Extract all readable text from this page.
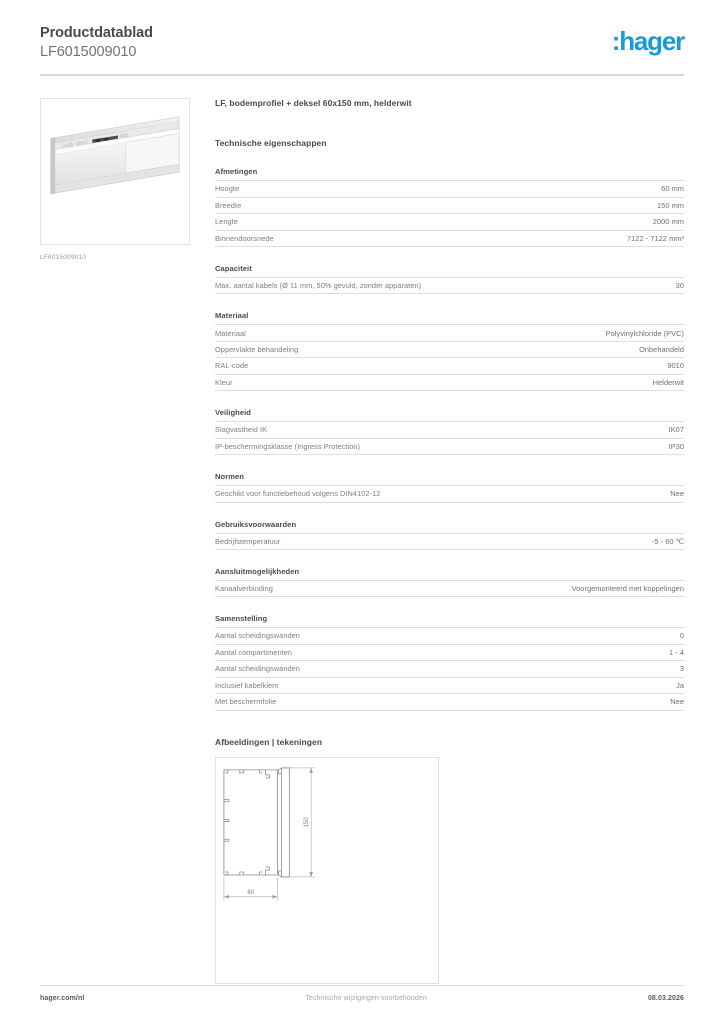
Productdatablad
LF6015009010	:hager
LF6015009010
LF, bodemprofiel + deksel 60x150 mm, helderwit
Technische eigenschappen
Afmetingen
Hoogte	60 mm
Breedte	150 mm
Lengte	2000 mm
Binnendoorsnede	7122 - 7122 mm²
Capaciteit
Max. aantal kabels (Ø 11 mm, 50% gevuld, zonder apparaten)	30
Materiaal
Materiaal	Polyvinylchloride (PVC)
Oppervlakte behandeling	Onbehandeld
RAL-code	9010
Kleur	Helderwit
Veiligheid
Slagvastheid IK	IK07
IP-beschermingsklasse (Ingress Protection)	IP30
Normen
Geschikt voor functiebehoud volgens DIN4102-12	Nee
Gebruiksvoorwaarden
Bedrijfstemperatuur	-5 - 60 ℃
Aansluitmogelijkheden
Kanaalverbinding	Voorgemonteerd met koppelingen
Samenstelling
Aantal scheidingswanden	0
Aantal compartimenten	1 - 4
Aantal scheidingswanden	3
Inclusief kabelklem	Ja
Met beschermfolie	Nee
Afbeeldingen | tekeningen
60
150
hager.com/nl	Technische wijzigingen voorbehouden	08.03.2026
